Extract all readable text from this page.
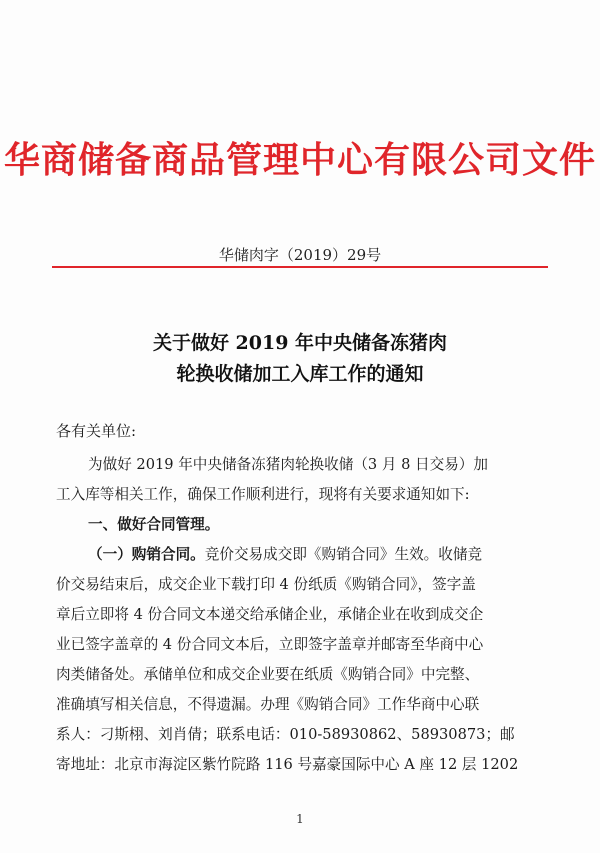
华商储备商品管理中心有限公司文件
华储肉字（2019）29号
关于做好 2019 年中央储备冻猪肉
轮换收储加工入库工作的通知
各有关单位:
为做好 2019 年中央储备冻猪肉轮换收储（3 月 8 日交易）加
工入库等相关工作，确保工作顺利进行，现将有关要求通知如下:
一、做好合同管理。
（一）购销合同。竞价交易成交即《购销合同》生效。收储竞
价交易结束后，成交企业下载打印 4 份纸质《购销合同》，签字盖
章后立即将 4 份合同文本递交给承储企业，承储企业在收到成交企
业已签字盖章的 4 份合同文本后，立即签字盖章并邮寄至华商中心
肉类储备处。承储单位和成交企业要在纸质《购销合同》中完整、
准确填写相关信息，不得遗漏。办理《购销合同》工作华商中心联
系人：刁斯栩、刘肖倩；联系电话：010-58930862、58930873；邮
寄地址：北京市海淀区紫竹院路 116 号嘉豪国际中心 A 座 12 层 1202
1
